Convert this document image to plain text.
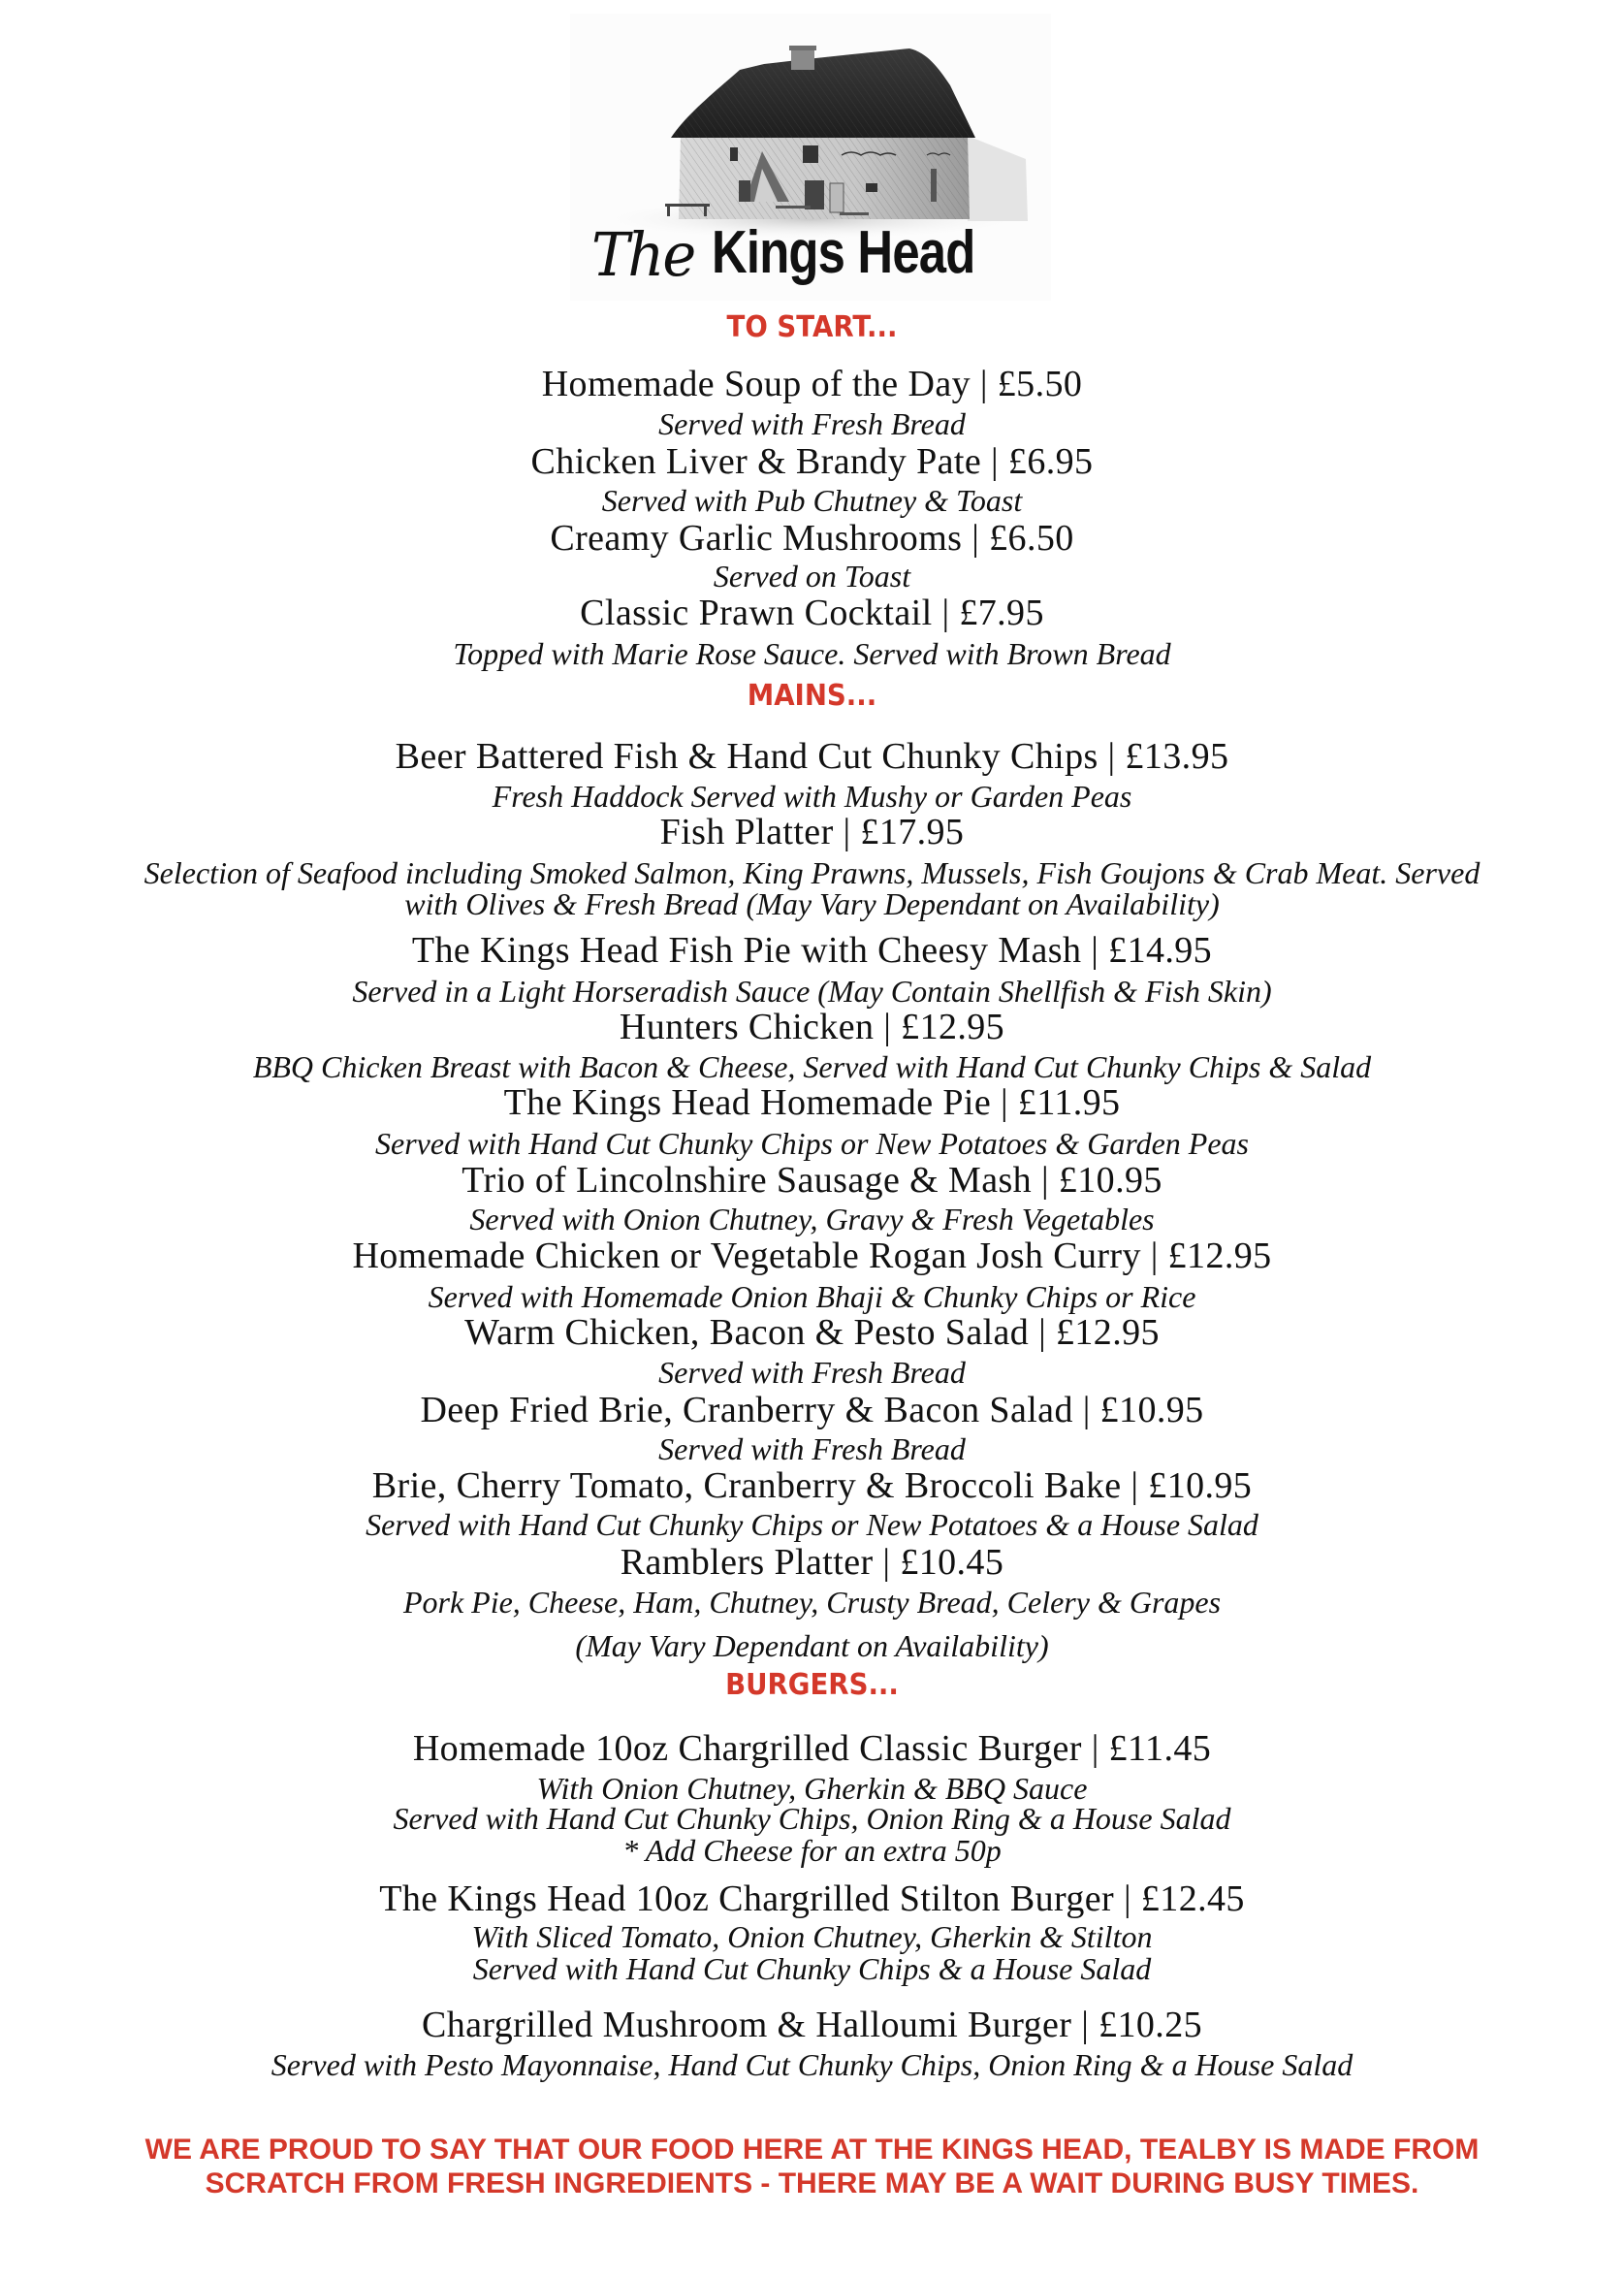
The Kings Head
TO START...
Homemade Soup of the Day | £5.50
Served with Fresh Bread
Chicken Liver & Brandy Pate | £6.95
Served with Pub Chutney & Toast
Creamy Garlic Mushrooms | £6.50
Served on Toast
Classic Prawn Cocktail | £7.95
Topped with Marie Rose Sauce. Served with Brown Bread
MAINS...
Beer Battered Fish & Hand Cut Chunky Chips | £13.95
Fresh Haddock Served with Mushy or Garden Peas
Fish Platter | £17.95
Selection of Seafood including Smoked Salmon, King Prawns, Mussels, Fish Goujons & Crab Meat. Served
with Olives & Fresh Bread (May Vary Dependant on Availability)
The Kings Head Fish Pie with Cheesy Mash | £14.95
Served in a Light Horseradish Sauce (May Contain Shellfish & Fish Skin)
Hunters Chicken | £12.95
BBQ Chicken Breast with Bacon & Cheese, Served with Hand Cut Chunky Chips & Salad
The Kings Head Homemade Pie | £11.95
Served with Hand Cut Chunky Chips or New Potatoes & Garden Peas
Trio of Lincolnshire Sausage & Mash | £10.95
Served with Onion Chutney, Gravy & Fresh Vegetables
Homemade Chicken or Vegetable Rogan Josh Curry | £12.95
Served with Homemade Onion Bhaji & Chunky Chips or Rice
Warm Chicken, Bacon & Pesto Salad | £12.95
Served with Fresh Bread
Deep Fried Brie, Cranberry & Bacon Salad | £10.95
Served with Fresh Bread
Brie, Cherry Tomato, Cranberry & Broccoli Bake | £10.95
Served with Hand Cut Chunky Chips or New Potatoes & a House Salad
Ramblers Platter | £10.45
Pork Pie, Cheese, Ham, Chutney, Crusty Bread, Celery & Grapes
(May Vary Dependant on Availability)
BURGERS...
Homemade 10oz Chargrilled Classic Burger | £11.45
With Onion Chutney, Gherkin & BBQ Sauce
Served with Hand Cut Chunky Chips, Onion Ring & a House Salad
* Add Cheese for an extra 50p
The Kings Head 10oz Chargrilled Stilton Burger | £12.45
With Sliced Tomato, Onion Chutney, Gherkin & Stilton
Served with Hand Cut Chunky Chips & a House Salad
Chargrilled Mushroom & Halloumi Burger | £10.25
Served with Pesto Mayonnaise, Hand Cut Chunky Chips, Onion Ring & a House Salad
WE ARE PROUD TO SAY THAT OUR FOOD HERE AT THE KINGS HEAD, TEALBY IS MADE FROM
SCRATCH FROM FRESH INGREDIENTS - THERE MAY BE A WAIT DURING BUSY TIMES.
